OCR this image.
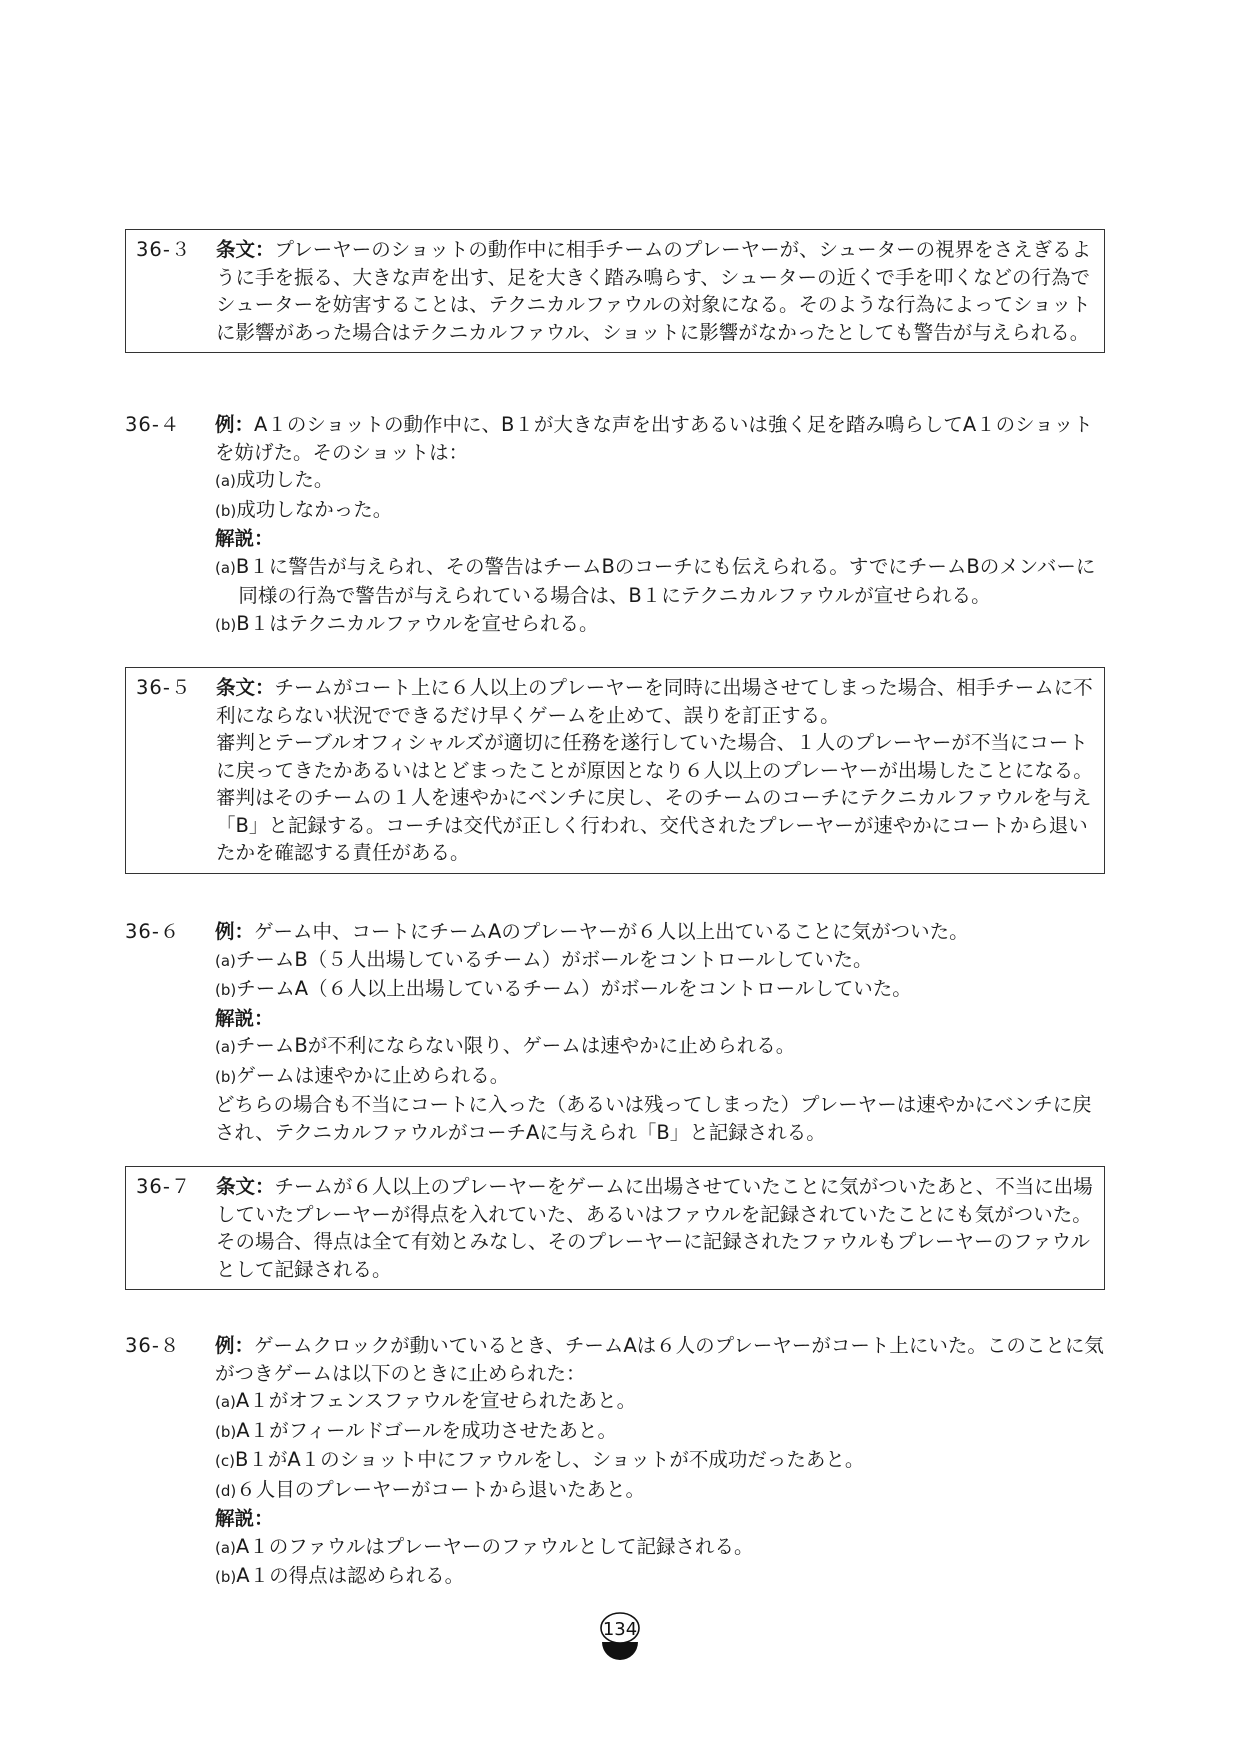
36-３ 条文：プレーヤーのショットの動作中に相手チームのプレーヤーが、シューターの視界をさえぎるように手を振る、大きな声を出す、足を大きく踏み鳴らす、シューターの近くで手を叩くなどの行為でシューターを妨害することは、テクニカルファウルの対象になる。そのような行為によってショットに影響があった場合はテクニカルファウル、ショットに影響がなかったとしても警告が与えられる。
36-４ 例：A１のショットの動作中に、B１が大きな声を出すあるいは強く足を踏み鳴らしてA１のショットを妨げた。そのショットは：

(a)成功した。

(b)成功しなかった。

解説：

(a)B１に警告が与えられ、その警告はチームBのコーチにも伝えられる。すでにチームBのメンバーに同様の行為で警告が与えられている場合は、B１にテクニカルファウルが宣せられる。

(b)B１はテクニカルファウルを宣せられる。

36-５ 条文：チームがコート上に６人以上のプレーヤーを同時に出場させてしまった場合、相手チームに不利にならない状況でできるだけ早くゲームを止めて、誤りを訂正する。

審判とテーブルオフィシャルズが適切に任務を遂行していた場合、１人のプレーヤーが不当にコートに戻ってきたかあるいはとどまったことが原因となり６人以上のプレーヤーが出場したことになる。審判はそのチームの１人を速やかにベンチに戻し、そのチームのコーチにテクニカルファウルを与え「B」と記録する。コーチは交代が正しく行われ、交代されたプレーヤーが速やかにコートから退いたかを確認する責任がある。

36-６ 例：ゲーム中、コートにチームAのプレーヤーが６人以上出ていることに気がついた。

(a)チームB（５人出場しているチーム）がボールをコントロールしていた。

(b)チームA（６人以上出場しているチーム）がボールをコントロールしていた。

解説：

(a)チームBが不利にならない限り、ゲームは速やかに止められる。

(b)ゲームは速やかに止められる。

どちらの場合も不当にコートに入った（あるいは残ってしまった）プレーヤーは速やかにベンチに戻され、テクニカルファウルがコーチAに与えられ「B」と記録される。

36-７ 条文：チームが６人以上のプレーヤーをゲームに出場させていたことに気がついたあと、不当に出場していたプレーヤーが得点を入れていた、あるいはファウルを記録されていたことにも気がついた。その場合、得点は全て有効とみなし、そのプレーヤーに記録されたファウルもプレーヤーのファウルとして記録される。
36-８ 例：ゲームクロックが動いているとき、チームAは６人のプレーヤーがコート上にいた。このことに気がつきゲームは以下のときに止められた：

(a)A１がオフェンスファウルを宣せられたあと。

(b)A１がフィールドゴールを成功させたあと。

(c)B１がA１のショット中にファウルをし、ショットが不成功だったあと。

(d)６人目のプレーヤーがコートから退いたあと。

解説：

(a)A１のファウルはプレーヤーのファウルとして記録される。

(b)A１の得点は認められる。

134
